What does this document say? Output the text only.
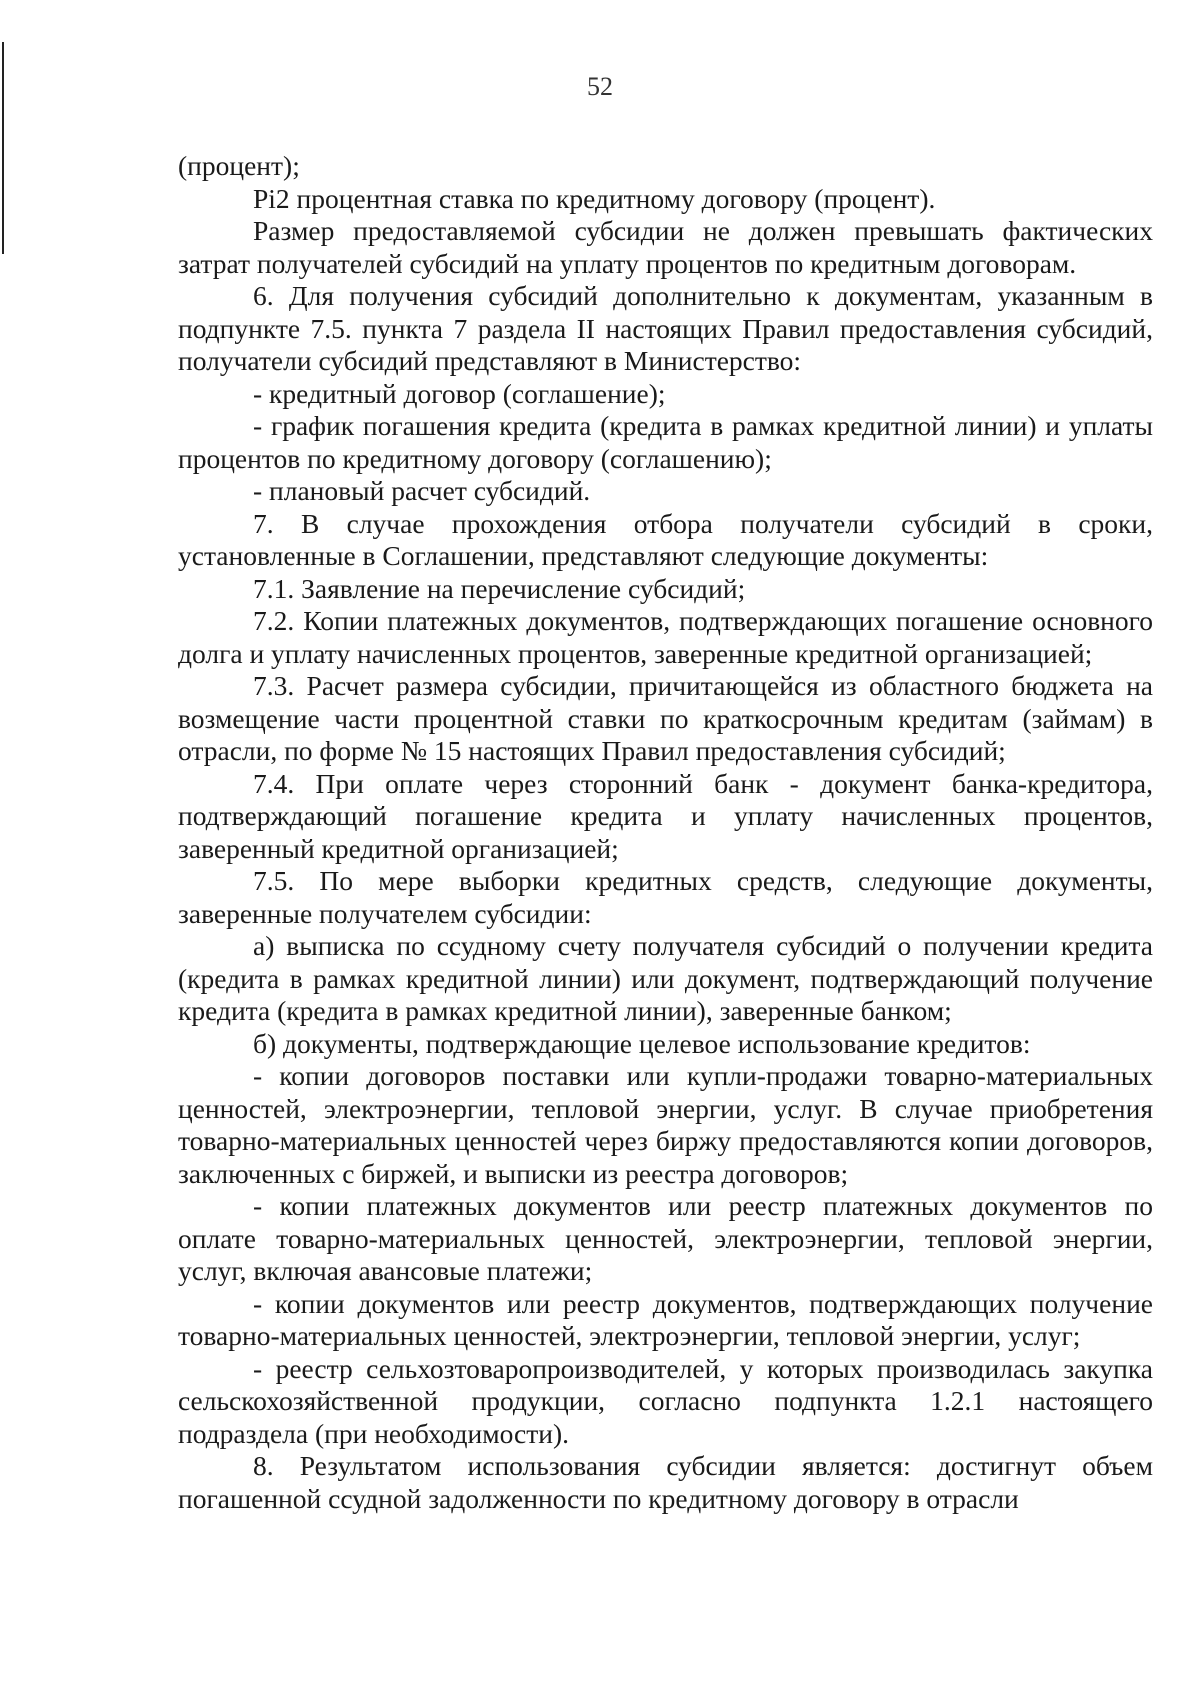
52

(процент);

Pi2 процентная ставка по кредитному договору (процент).

Размер предоставляемой субсидии не должен превышать фактических затрат получателей субсидий на уплату процентов по кредитным договорам.

6. Для получения субсидий дополнительно к документам, указанным в подпункте 7.5. пункта 7 раздела II настоящих Правил предоставления субсидий, получатели субсидий представляют в Министерство:

- кредитный договор (соглашение);

- график погашения кредита (кредита в рамках кредитной линии) и уплаты процентов по кредитному договору (соглашению);

- плановый расчет субсидий.

7. В случае прохождения отбора получатели субсидий в сроки, установленные в Соглашении, представляют следующие документы:

7.1. Заявление на перечисление субсидий;

7.2. Копии платежных документов, подтверждающих погашение основного долга и уплату начисленных процентов, заверенные кредитной организацией;

7.3. Расчет размера субсидии, причитающейся из областного бюджета на возмещение части процентной ставки по краткосрочным кредитам (займам) в отрасли, по форме № 15 настоящих Правил предоставления субсидий;

7.4. При оплате через сторонний банк - документ банка-кредитора, подтверждающий погашение кредита и уплату начисленных процентов, заверенный кредитной организацией;

7.5. По мере выборки кредитных средств, следующие документы, заверенные получателем субсидии:

а) выписка по ссудному счету получателя субсидий о получении кредита (кредита в рамках кредитной линии) или документ, подтверждающий получение кредита (кредита в рамках кредитной линии), заверенные банком;

б) документы, подтверждающие целевое использование кредитов:

- копии договоров поставки или купли-продажи товарно-материальных ценностей, электроэнергии, тепловой энергии, услуг. В случае приобретения товарно-материальных ценностей через биржу предоставляются копии договоров, заключенных с биржей, и выписки из реестра договоров;

- копии платежных документов или реестр платежных документов по оплате товарно-материальных ценностей, электроэнергии, тепловой энергии, услуг, включая авансовые платежи;

- копии документов или реестр документов, подтверждающих получение товарно-материальных ценностей, электроэнергии, тепловой энергии, услуг;

- реестр сельхозтоваропроизводителей, у которых производилась закупка сельскохозяйственной продукции, согласно подпункта 1.2.1 настоящего подраздела (при необходимости).

8. Результатом использования субсидии является: достигнут объем погашенной ссудной задолженности по кредитному договору в отрасли
